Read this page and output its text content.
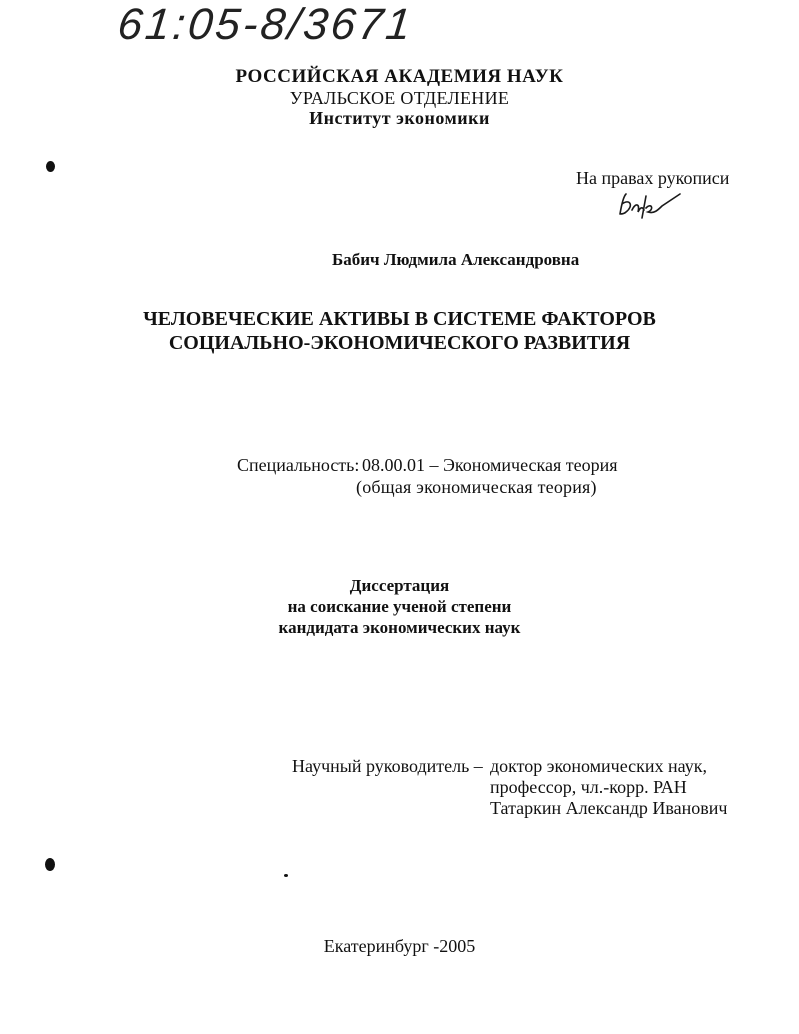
61:05-8/3671
РОССИЙСКАЯ АКАДЕМИЯ НАУК
УРАЛЬСКОЕ ОТДЕЛЕНИЕ
Институт экономики
На правах рукописи
Бабич Людмила Александровна
ЧЕЛОВЕЧЕСКИЕ АКТИВЫ В СИСТЕМЕ ФАКТОРОВ
СОЦИАЛЬНО-ЭКОНОМИЧЕСКОГО РАЗВИТИЯ
Специальность: 08.00.01 – Экономическая теория
(общая экономическая теория)
Диссертация
на соискание ученой степени
кандидата экономических наук
Научный руководитель – доктор экономических наук,
профессор, чл.-корр. РАН
Татаркин Александр Иванович
Екатеринбург -2005
